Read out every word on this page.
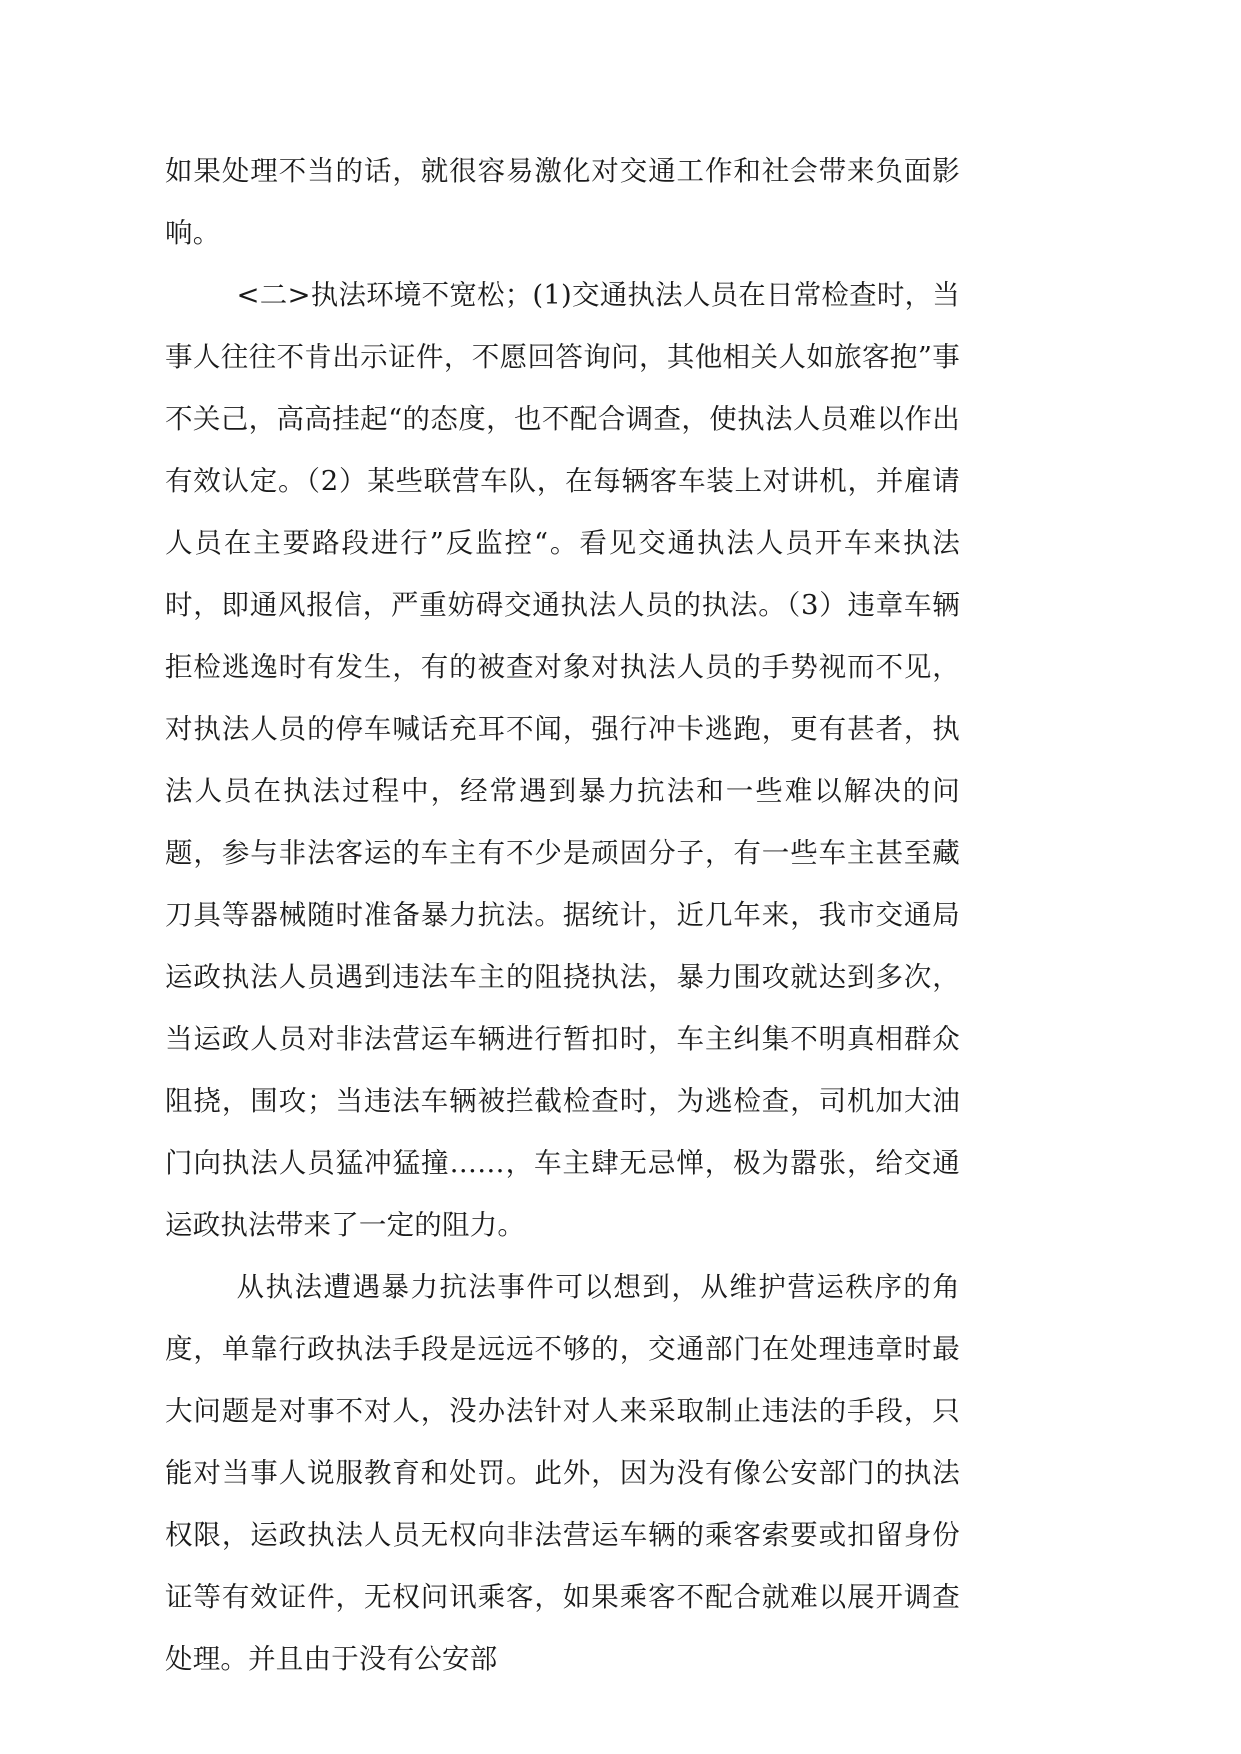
如果处理不当的话，就很容易激化对交通工作和社会带来负面影响。

<二>执法环境不宽松；(1)交通执法人员在日常检查时，当事人往往不肯出示证件，不愿回答询问，其他相关人如旅客抱”事不关己，高高挂起“的态度，也不配合调查，使执法人员难以作出有效认定。（2）某些联营车队，在每辆客车装上对讲机，并雇请人员在主要路段进行”反监控“。看见交通执法人员开车来执法时，即通风报信，严重妨碍交通执法人员的执法。（3）违章车辆拒检逃逸时有发生，有的被查对象对执法人员的手势视而不见，对执法人员的停车喊话充耳不闻，强行冲卡逃跑，更有甚者，执法人员在执法过程中，经常遇到暴力抗法和一些难以解决的问题，参与非法客运的车主有不少是顽固分子，有一些车主甚至藏刀具等器械随时准备暴力抗法。据统计，近几年来，我市交通局运政执法人员遇到违法车主的阻挠执法，暴力围攻就达到多次，当运政人员对非法营运车辆进行暂扣时，车主纠集不明真相群众阻挠，围攻；当违法车辆被拦截检查时，为逃检查，司机加大油门向执法人员猛冲猛撞……，车主肆无忌惮，极为嚣张，给交通运政执法带来了一定的阻力。

从执法遭遇暴力抗法事件可以想到，从维护营运秩序的角度，单靠行政执法手段是远远不够的，交通部门在处理违章时最大问题是对事不对人，没办法针对人来采取制止违法的手段，只能对当事人说服教育和处罚。此外，因为没有像公安部门的执法权限，运政执法人员无权向非法营运车辆的乘客索要或扣留身份证等有效证件，无权问讯乘客，如果乘客不配合就难以展开调查处理。并且由于没有公安部
